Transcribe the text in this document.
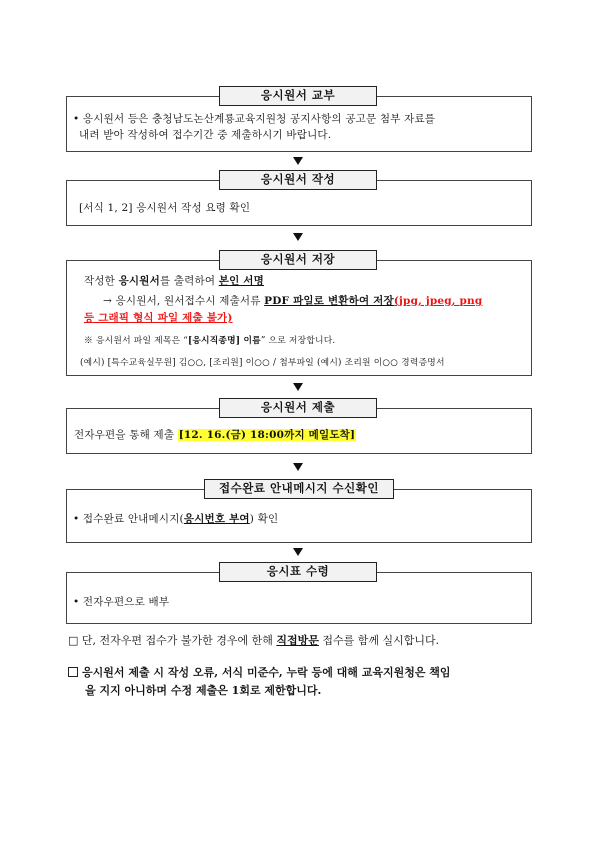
응시원서 교부
• 응시원서 등은 충청남도논산계룡교육지원청 공지사항의 공고문 첨부 자료를
내려 받아 작성하여 접수기간 중 제출하시기 바랍니다.
응시원서 작성
[서식 1, 2] 응시원서 작성 요령 확인
응시원서 저장
작성한 응시원서를 출력하여 본인 서명
→ 응시원서, 원서접수시 제출서류 PDF 파일로 변환하여 저장(jpg, jpeg, png
등 그래픽 형식 파일 제출 불가)
※ 응시원서 파일 제목은 “[응시직종명] 이름” 으로 저장합니다.
(예시) [특수교육실무원] 김○○, [조리원] 이○○ / 첨부파일 (예시) 조리원 이○○ 경력증명서
응시원서 제출
전자우편을 통해 제출 [12. 16.(금) 18:00까지 메일도착]
접수완료 안내메시지 수신확인
• 접수완료 안내메시지(응시번호 부여) 확인
응시표 수령
• 전자우편으로 배부
□ 단, 전자우편 접수가 불가한 경우에 한해 직접방문 접수를 함께 실시합니다.
응시원서 제출 시 작성 오류, 서식 미준수, 누락 등에 대해 교육지원청은 책임
을 지지 아니하며 수정 제출은 1회로 제한합니다.
